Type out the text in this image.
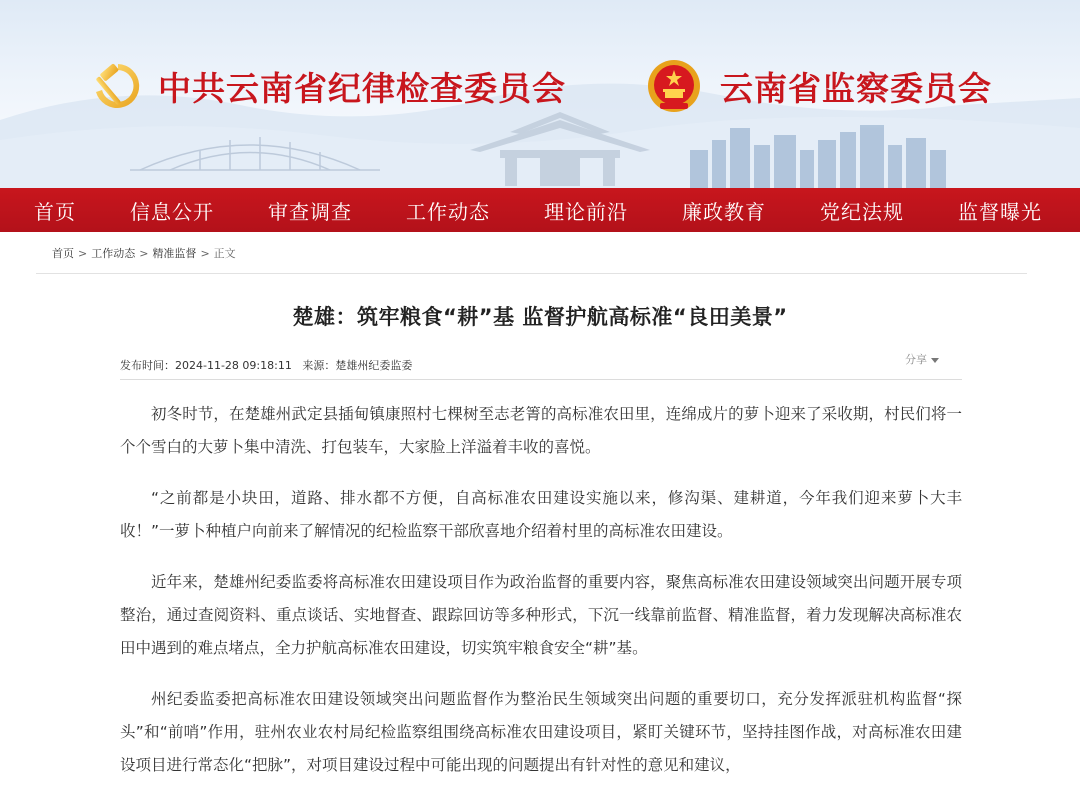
中共云南省纪律检查委员会	云南省监察委员会
首页	信息公开	审查调查	工作动态	理论前沿	廉政教育	党纪法规	监督曝光
首页 > 工作动态 > 精准监督 > 正文
楚雄：筑牢粮食“耕”基 监督护航高标准“良田美景”
发布时间：2024-11-28 09:18:11 来源：楚雄州纪委监委	分享

初冬时节，在楚雄州武定县插甸镇康照村七棵树至志老箐的高标准农田里，连绵成片的萝卜迎来了采收期，村民们将一个个雪白的大萝卜集中清洗、打包装车，大家脸上洋溢着丰收的喜悦。

“之前都是小块田，道路、排水都不方便，自高标准农田建设实施以来，修沟渠、建耕道，今年我们迎来萝卜大丰收！”一萝卜种植户向前来了解情况的纪检监察干部欣喜地介绍着村里的高标准农田建设。

近年来，楚雄州纪委监委将高标准农田建设项目作为政治监督的重要内容，聚焦高标准农田建设领域突出问题开展专项整治，通过查阅资料、重点谈话、实地督查、跟踪回访等多种形式，下沉一线靠前监督、精准监督，着力发现解决高标准农田中遇到的难点堵点，全力护航高标准农田建设，切实筑牢粮食安全“耕”基。

州纪委监委把高标准农田建设领域突出问题监督作为整治民生领域突出问题的重要切口，充分发挥派驻机构监督“探头”和“前哨”作用，驻州农业农村局纪检监察组围绕高标准农田建设项目，紧盯关键环节，坚持挂图作战，对高标准农田建设项目进行常态化“把脉”，对项目建设过程中可能出现的问题提出有针对性的意见和建议，
